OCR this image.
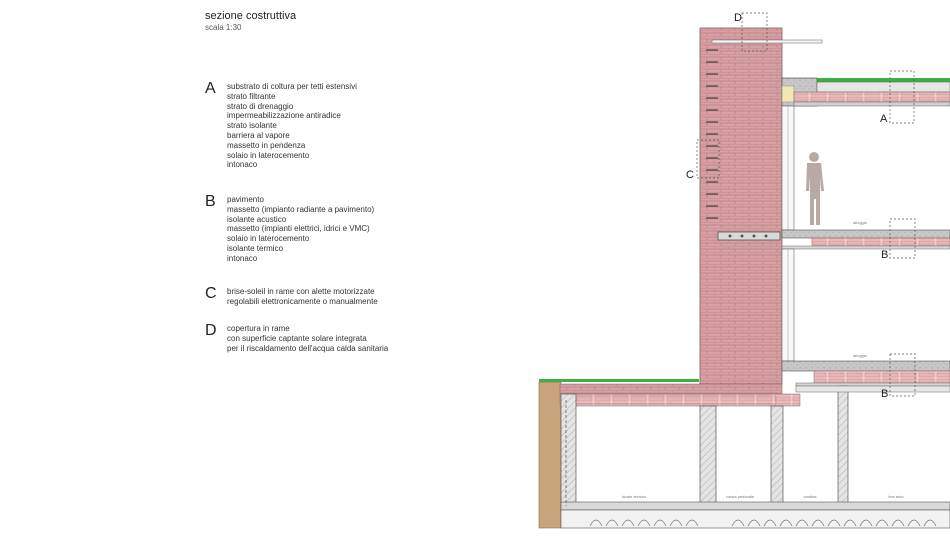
sezione costruttiva
scala 1:30
A	substrato di coltura per tetti estensivi
strato filtrante
strato di drenaggio
impermeabilizzazione antiradice
strato isolante
barriera al vapore
massetto in pendenza
solaio in laterocemento
intonaco
B	pavimento
massetto (impianto radiante a pavimento)
isolante acustico
massetto (impianti elettrici, idrici e VMC)
solaio in laterocemento
isolante termico
intonaco
C	brise-soleil in rame con alette motorizzate
regolabili elettronicamente o manualmente
D	copertura in rame
con superficie captante solare integrata
per il riscaldamento dell'acqua calda sanitaria
alloggio
alloggio
locale tecnico	corsia pedonale	cantina	box auto
D
A
C
B
B
